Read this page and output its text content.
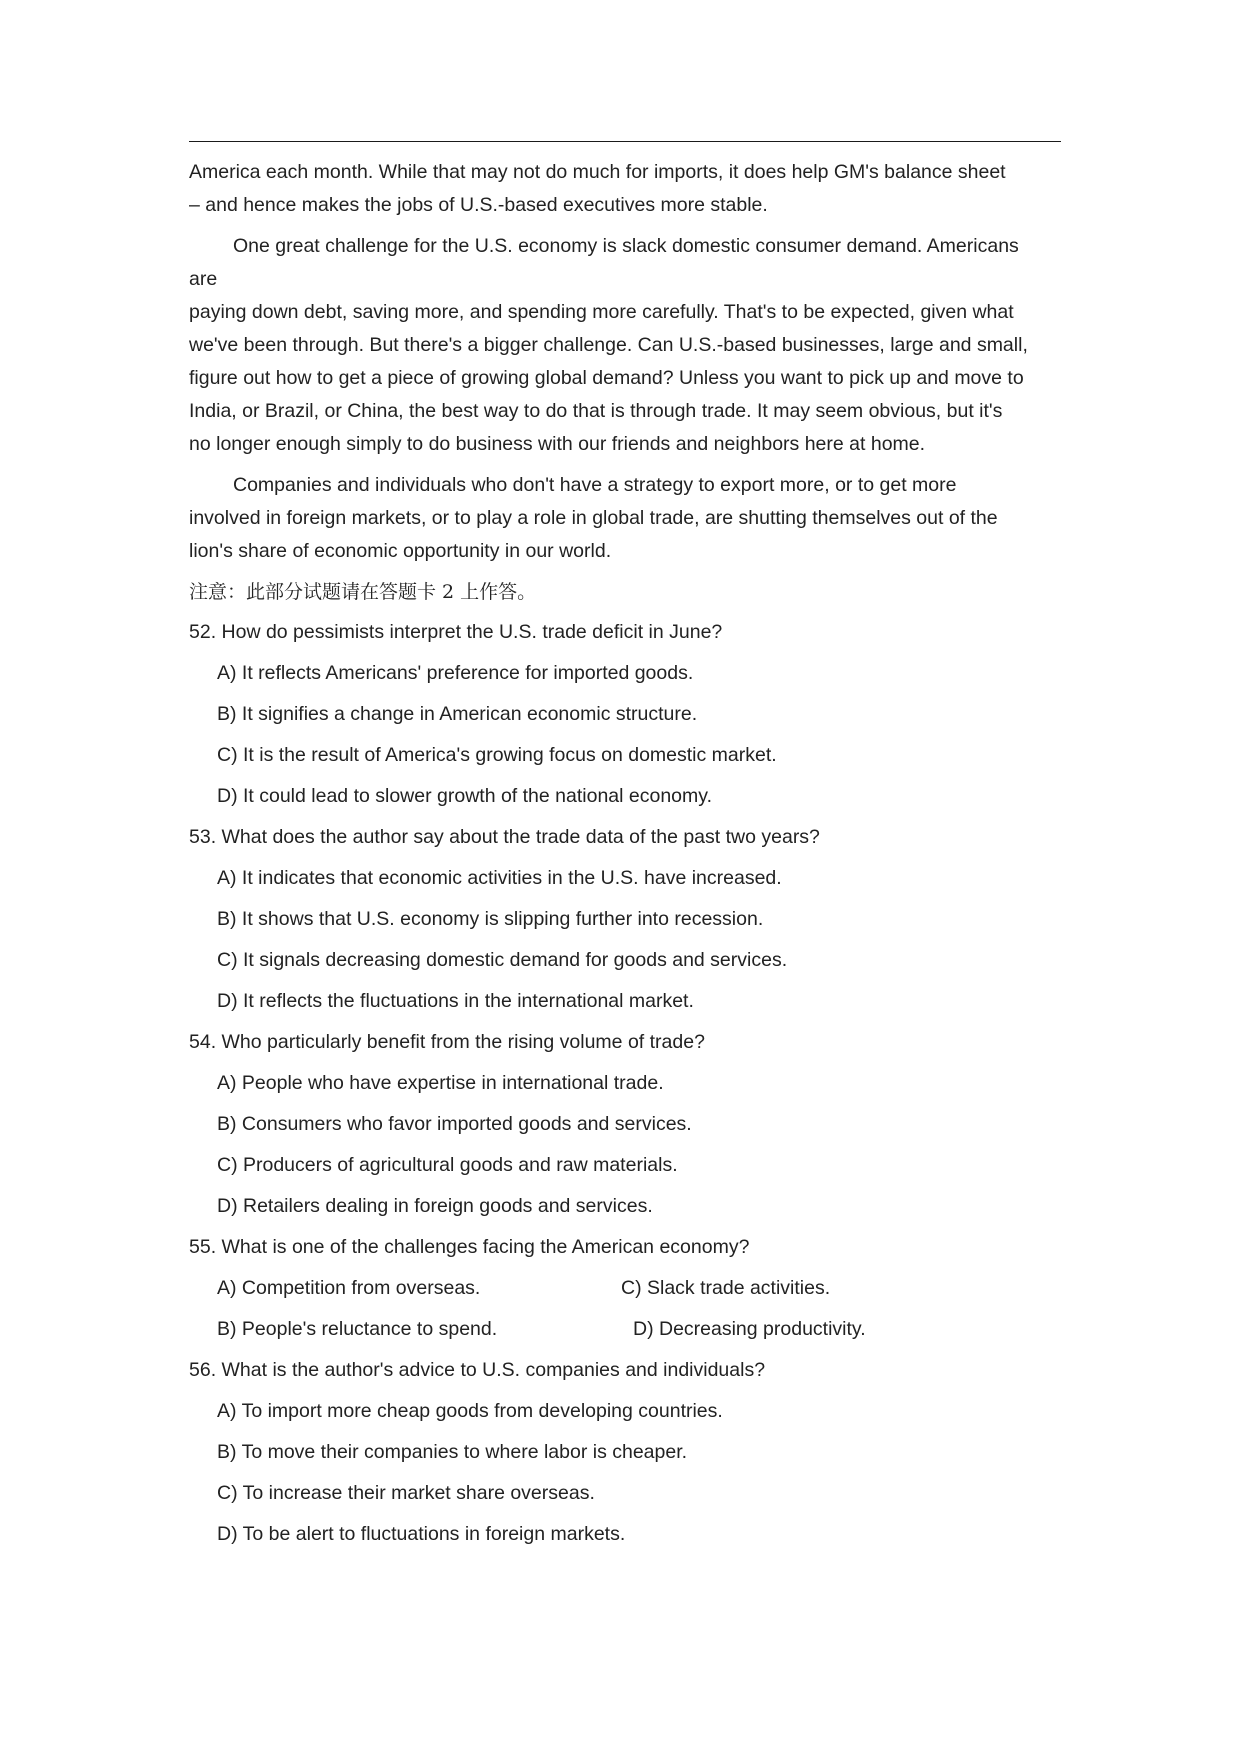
America each month. While that may not do much for imports, it does help GM's balance sheet
– and hence makes the jobs of U.S.-based executives more stable.
One great challenge for the U.S. economy is slack domestic consumer demand. Americans
are
paying down debt, saving more, and spending more carefully. That's to be expected, given what
we've been through. But there's a bigger challenge. Can U.S.-based businesses, large and small,
figure out how to get a piece of growing global demand? Unless you want to pick up and move to
India, or Brazil, or China, the best way to do that is through trade. It may seem obvious, but it's
no longer enough simply to do business with our friends and neighbors here at home.
Companies and individuals who don't have a strategy to export more, or to get more
involved in foreign markets, or to play a role in global trade, are shutting themselves out of the
lion's share of economic opportunity in our world.
注意：此部分试题请在答题卡 2 上作答。
52. How do pessimists interpret the U.S. trade deficit in June?
A) It reflects Americans' preference for imported goods.
B) It signifies a change in American economic structure.
C) It is the result of America's growing focus on domestic market.
D) It could lead to slower growth of the national economy.
53. What does the author say about the trade data of the past two years?
A) It indicates that economic activities in the U.S. have increased.
B) It shows that U.S. economy is slipping further into recession.
C) It signals decreasing domestic demand for goods and services.
D) It reflects the fluctuations in the international market.
54. Who particularly benefit from the rising volume of trade?
A) People who have expertise in international trade.
B) Consumers who favor imported goods and services.
C) Producers of agricultural goods and raw materials.
D) Retailers dealing in foreign goods and services.
55. What is one of the challenges facing the American economy?
A) Competition from overseas.	C) Slack trade activities.
B) People's reluctance to spend.	D) Decreasing productivity.
56. What is the author's advice to U.S. companies and individuals?
A) To import more cheap goods from developing countries.
B) To move their companies to where labor is cheaper.
C) To increase their market share overseas.
D) To be alert to fluctuations in foreign markets.
